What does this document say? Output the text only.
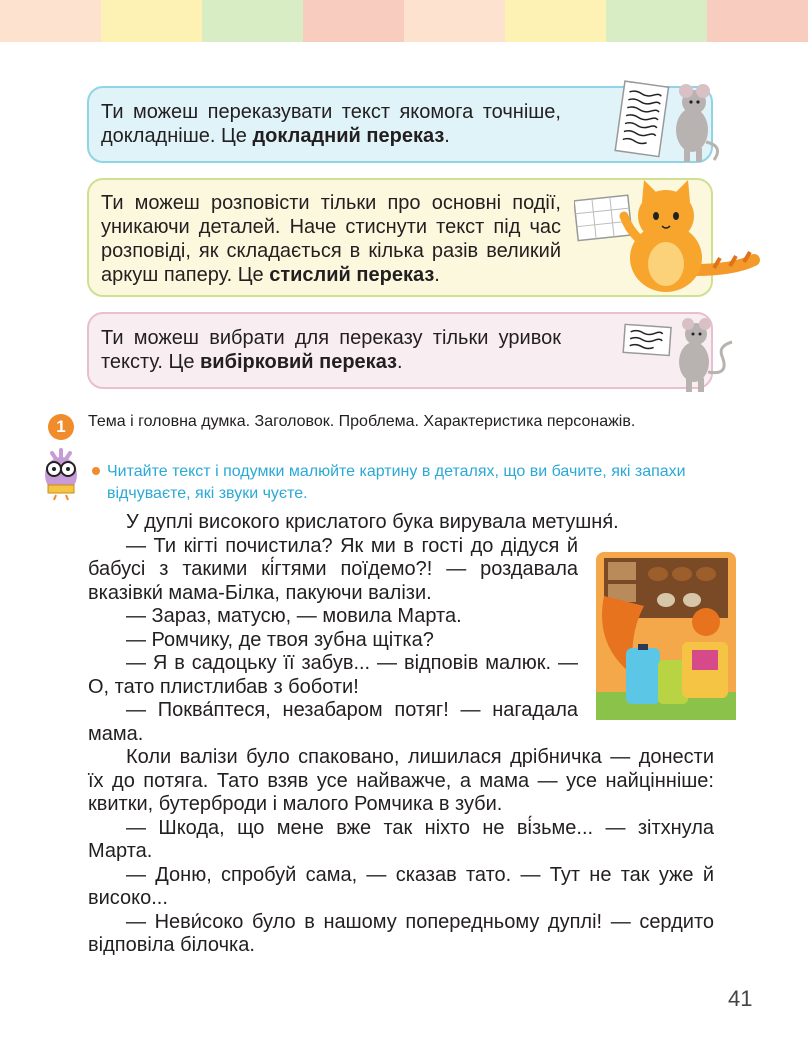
Ти можеш переказувати текст якомога точніше, докладніше. Це докладний переказ.
Ти можеш розповісти тільки про основні події, уникаючи деталей. Наче стиснути текст під час розповіді, як складається в кілька разів великий аркуш паперу. Це стислий переказ.
Ти можеш вибрати для переказу тільки уривок тексту. Це вибірковий переказ.
1	Тема і головна думка. Заголовок. Проблема. Характеристика персонажів.
Читайте текст і подумки малюйте картину в деталях, що ви бачите, які запахи відчуваєте, які звуки чуєте.

У дуплі високого крислатого бука вирувала метушня́.

— Ти кігті почистила? Як ми в гості до дідуся й бабусі з такими кі́гтями поїдемо?! — роздавала вказівки́ мама-Білка, пакуючи валізи.

— Зараз, матусю, — мовила Марта.

— Ромчику, де твоя зубна щітка?

— Я в садоцьку її забув... — відповів малюк. — О, тато плистлибав з боботи!

— Поква́птеся, незабаром потяг! — нагадала мама.

Коли валізи було спаковано, лишилася дрібничка — донести їх до потяга. Тато взяв усе найважче, а мама — усе найцінніше: квитки, бутерброди і малого Ромчика в зуби.

— Шкода, що мене вже так ніхто не ві́зьме... — зітхнула Марта.

— Доню, спробуй сама, — сказав тато. — Тут не так уже й високо...

— Неви́соко було в нашому попередньому дуплі! — сердито відповіла білочка.

41
